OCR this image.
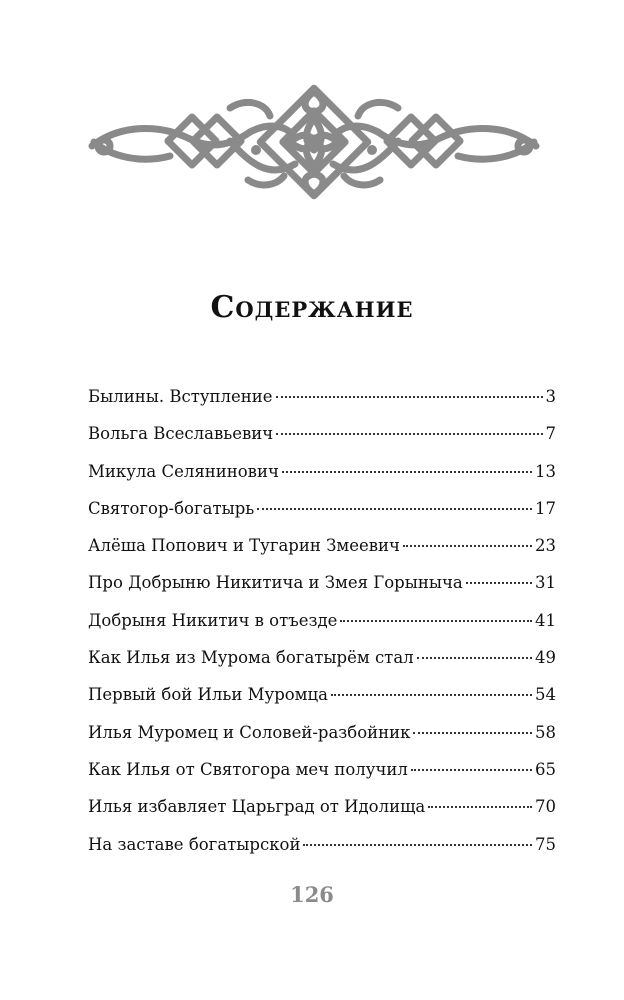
Содержание
Былины. Вступление	3
Вольга Всеславьевич	7
Микула Селянинович	13
Святогор-богатырь	17
Алёша Попович и Тугарин Змеевич	23
Про Добрыню Никитича и Змея Горыныча	31
Добрыня Никитич в отъезде	41
Как Илья из Мурома богатырём стал	49
Первый бой Ильи Муромца	54
Илья Муромец и Соловей-разбойник	58
Как Илья от Святогора меч получил	65
Илья избавляет Царьград от Идолища	70
На заставе богатырской	75
126
